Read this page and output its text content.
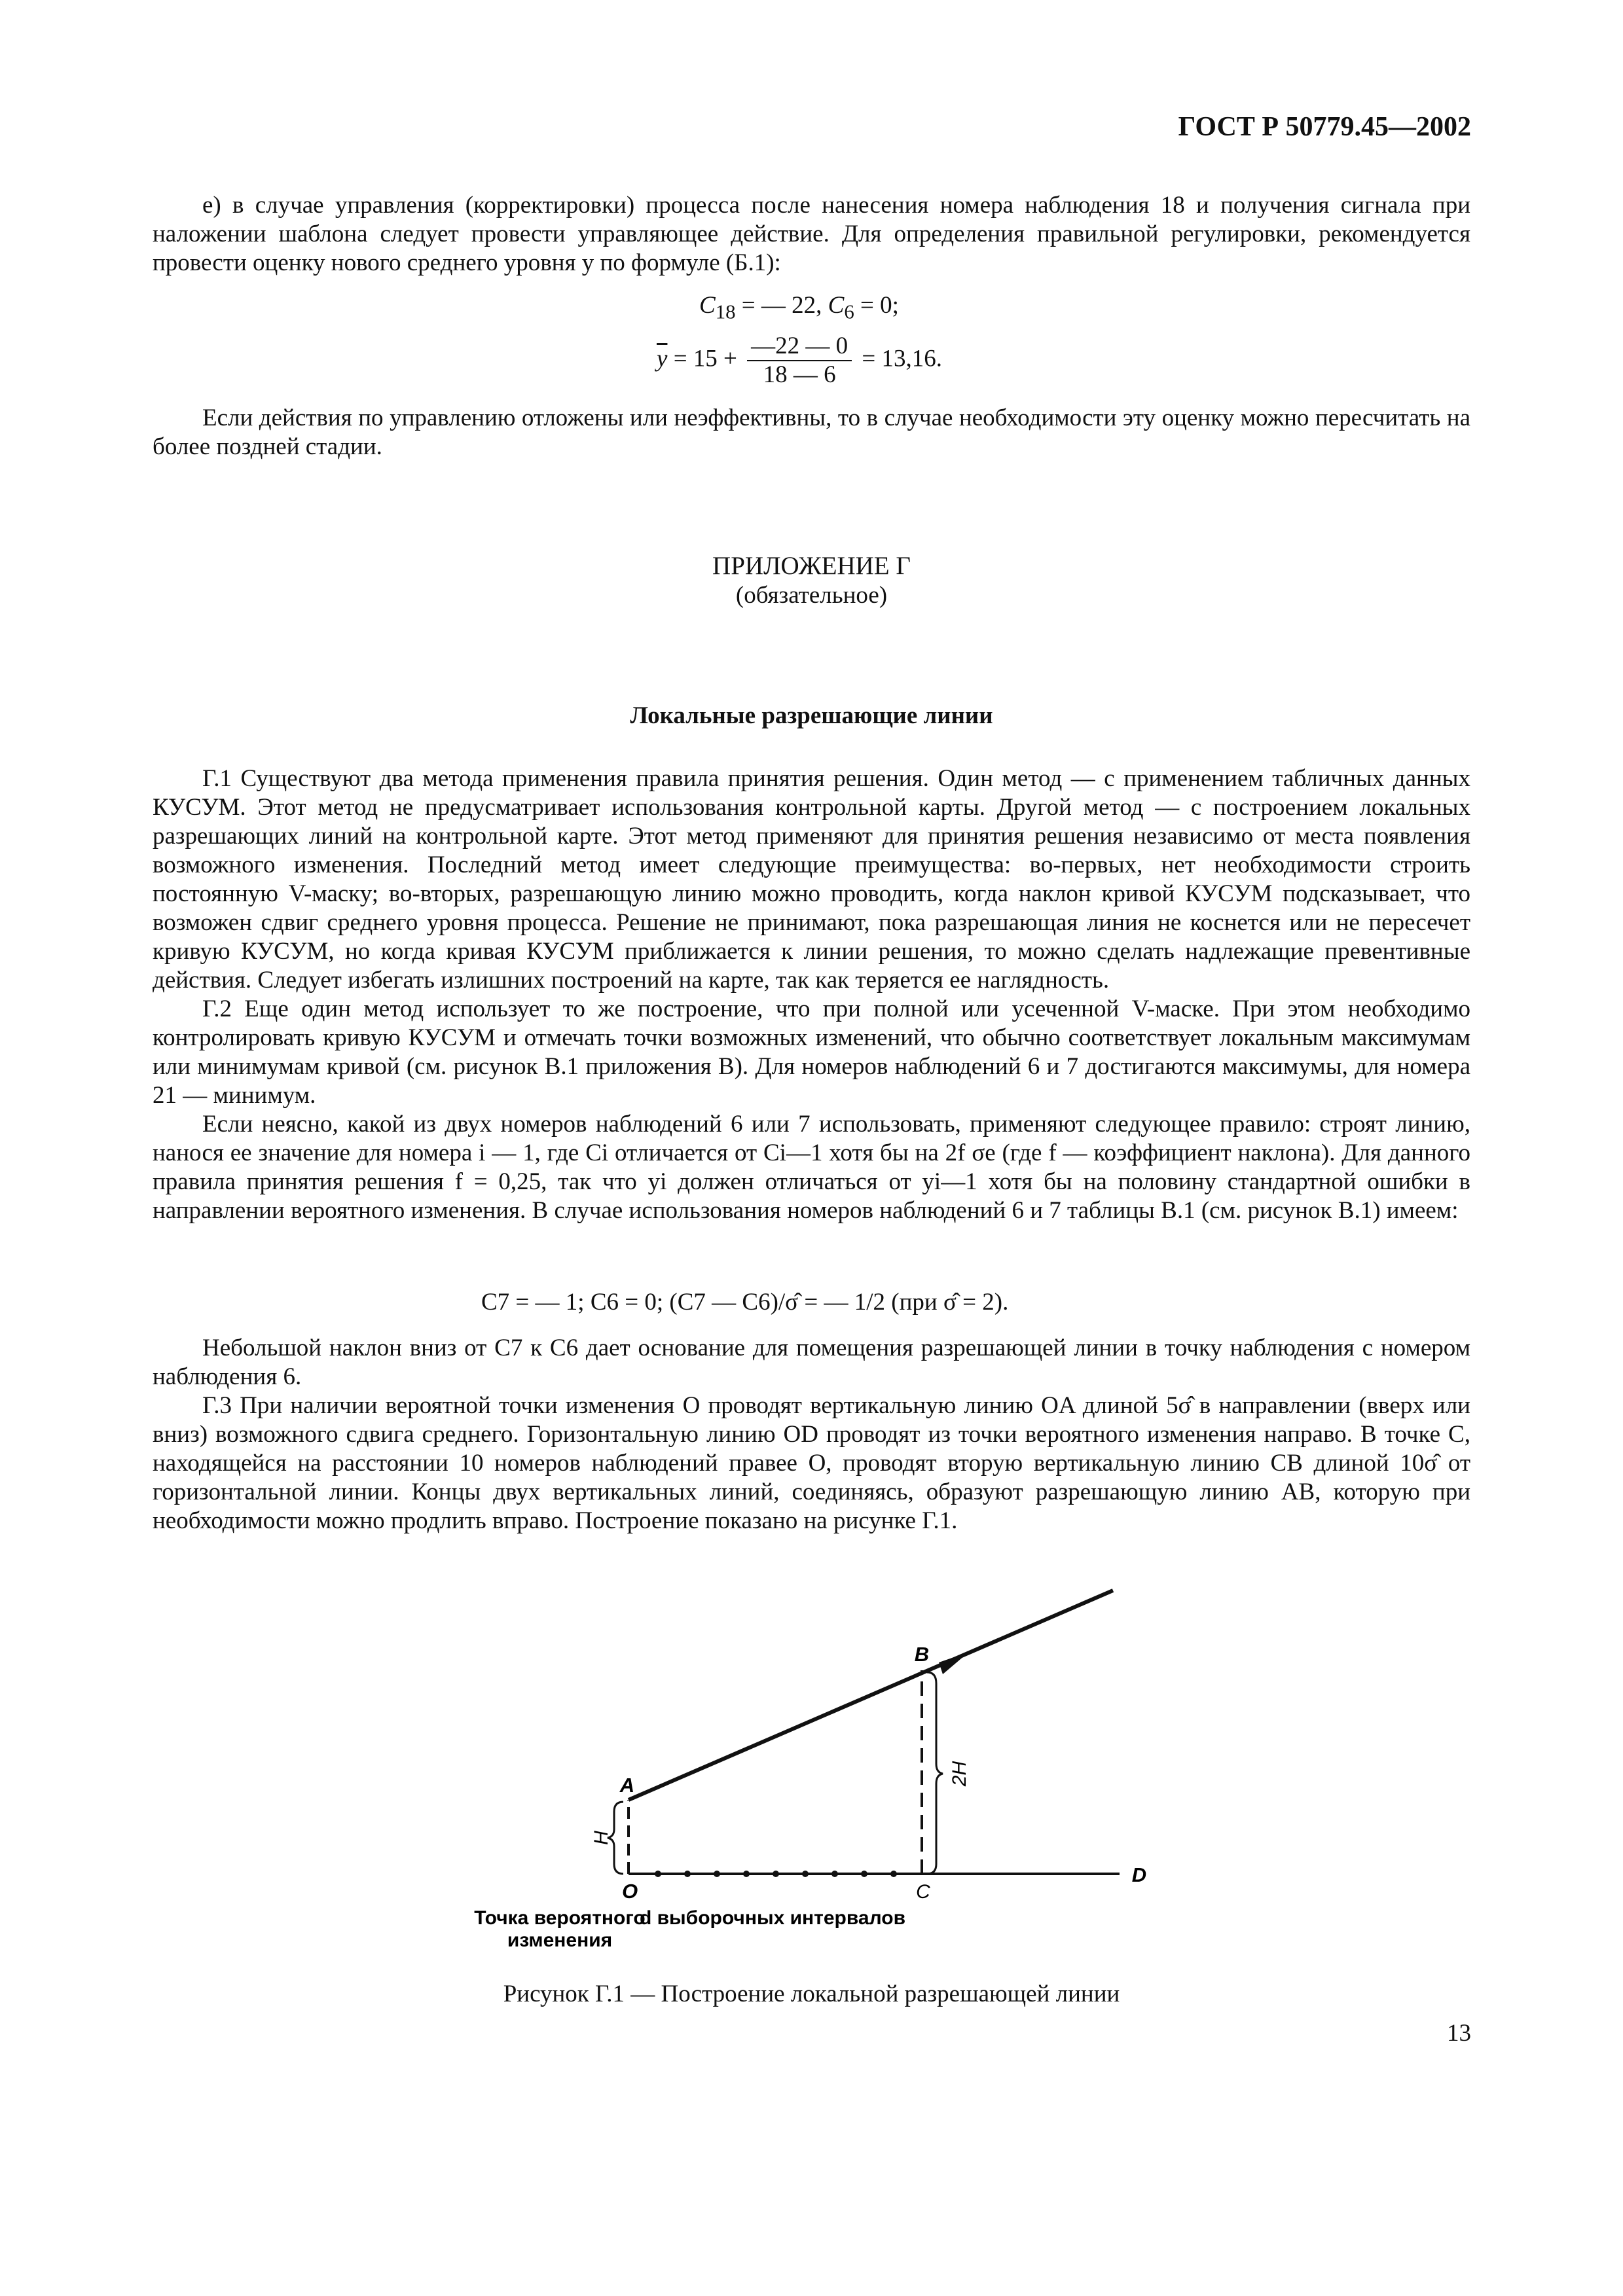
ГОСТ Р 50779.45—2002

е) в случае управления (корректировки) процесса после нанесения номера наблюдения 18 и получения сигнала при наложении шаблона следует провести управляющее действие. Для определения правильной регулировки, рекомендуется провести оценку нового среднего уровня y по формуле (Б.1):

$C_{18}$ = — 22, $C_6 = 0$;
$\overline{y} = 15 + \frac{—22 — 0}{18 — 6} = 13,16$.

Если действия по управлению отложены или неэффективны, то в случае необходимости эту оценку можно пересчитать на более поздней стадии.

ПРИЛОЖЕНИЕ Г
(обязательное)
Локальные разрешающие линии

Г.1 Существуют два метода применения правила принятия решения. Один метод — с применением табличных данных КУСУМ. Этот метод не предусматривает использования контрольной карты. Другой метод — с построением локальных разрешающих линий на контрольной карте. Этот метод применяют для принятия решения независимо от места появления возможного изменения. Последний метод имеет следующие преимущества: во-первых, нет необходимости строить постоянную V-маску; во-вторых, разрешающую линию можно проводить, когда наклон кривой КУСУМ подсказывает, что возможен сдвиг среднего уровня процесса. Решение не принимают, пока разрешающая линия не коснется или не пересечет кривую КУСУМ, но когда кривая КУСУМ приближается к линии решения, то можно сделать надлежащие превентивные действия. Следует избегать излишних построений на карте, так как теряется ее наглядность.

Г.2 Еще один метод использует то же построение, что при полной или усеченной V-маске. При этом необходимо контролировать кривую КУСУМ и отмечать точки возможных изменений, что обычно соответствует локальным максимумам или минимумам кривой (см. рисунок В.1 приложения В). Для номеров наблюдений 6 и 7 достигаются максимумы, для номера 21 — минимум.

Если неясно, какой из двух номеров наблюдений 6 или 7 использовать, применяют следующее правило: строят линию, нанося ее значение для номера i — 1, где Ci отличается от Ci—1 хотя бы на 2f σe (где f — коэффициент наклона). Для данного правила принятия решения f = 0,25, так что yi должен отличаться от yi—1 хотя бы на половину стандартной ошибки в направлении вероятного изменения. В случае использования номеров наблюдений 6 и 7 таблицы В.1 (см. рисунок В.1) имеем:

C7 = — 1; C6 = 0; (C7 — C6)/σ̂ = — 1/2 (при σ̂ = 2).

Небольшой наклон вниз от C7 к C6 дает основание для помещения разрешающей линии в точку наблюдения с номером наблюдения 6.

Г.3 При наличии вероятной точки изменения O проводят вертикальную линию OA длиной 5σ̂ в направлении (вверх или вниз) возможного сдвига среднего. Горизонтальную линию OD проводят из точки вероятного изменения направо. В точке C, находящейся на расстоянии 10 номеров наблюдений правее O, проводят вторую вертикальную линию CB длиной 10σ̂ от горизонтальной линии. Концы двух вертикальных линий, соединяясь, образуют разрешающую линию AB, которую при необходимости можно продлить вправо. Построение показано на рисунке Г.1.

A
B
O	C
D
H
2H
Точка вероятного
изменения
d выборочных интервалов
Рисунок Г.1 — Построение локальной разрешающей линии
13
